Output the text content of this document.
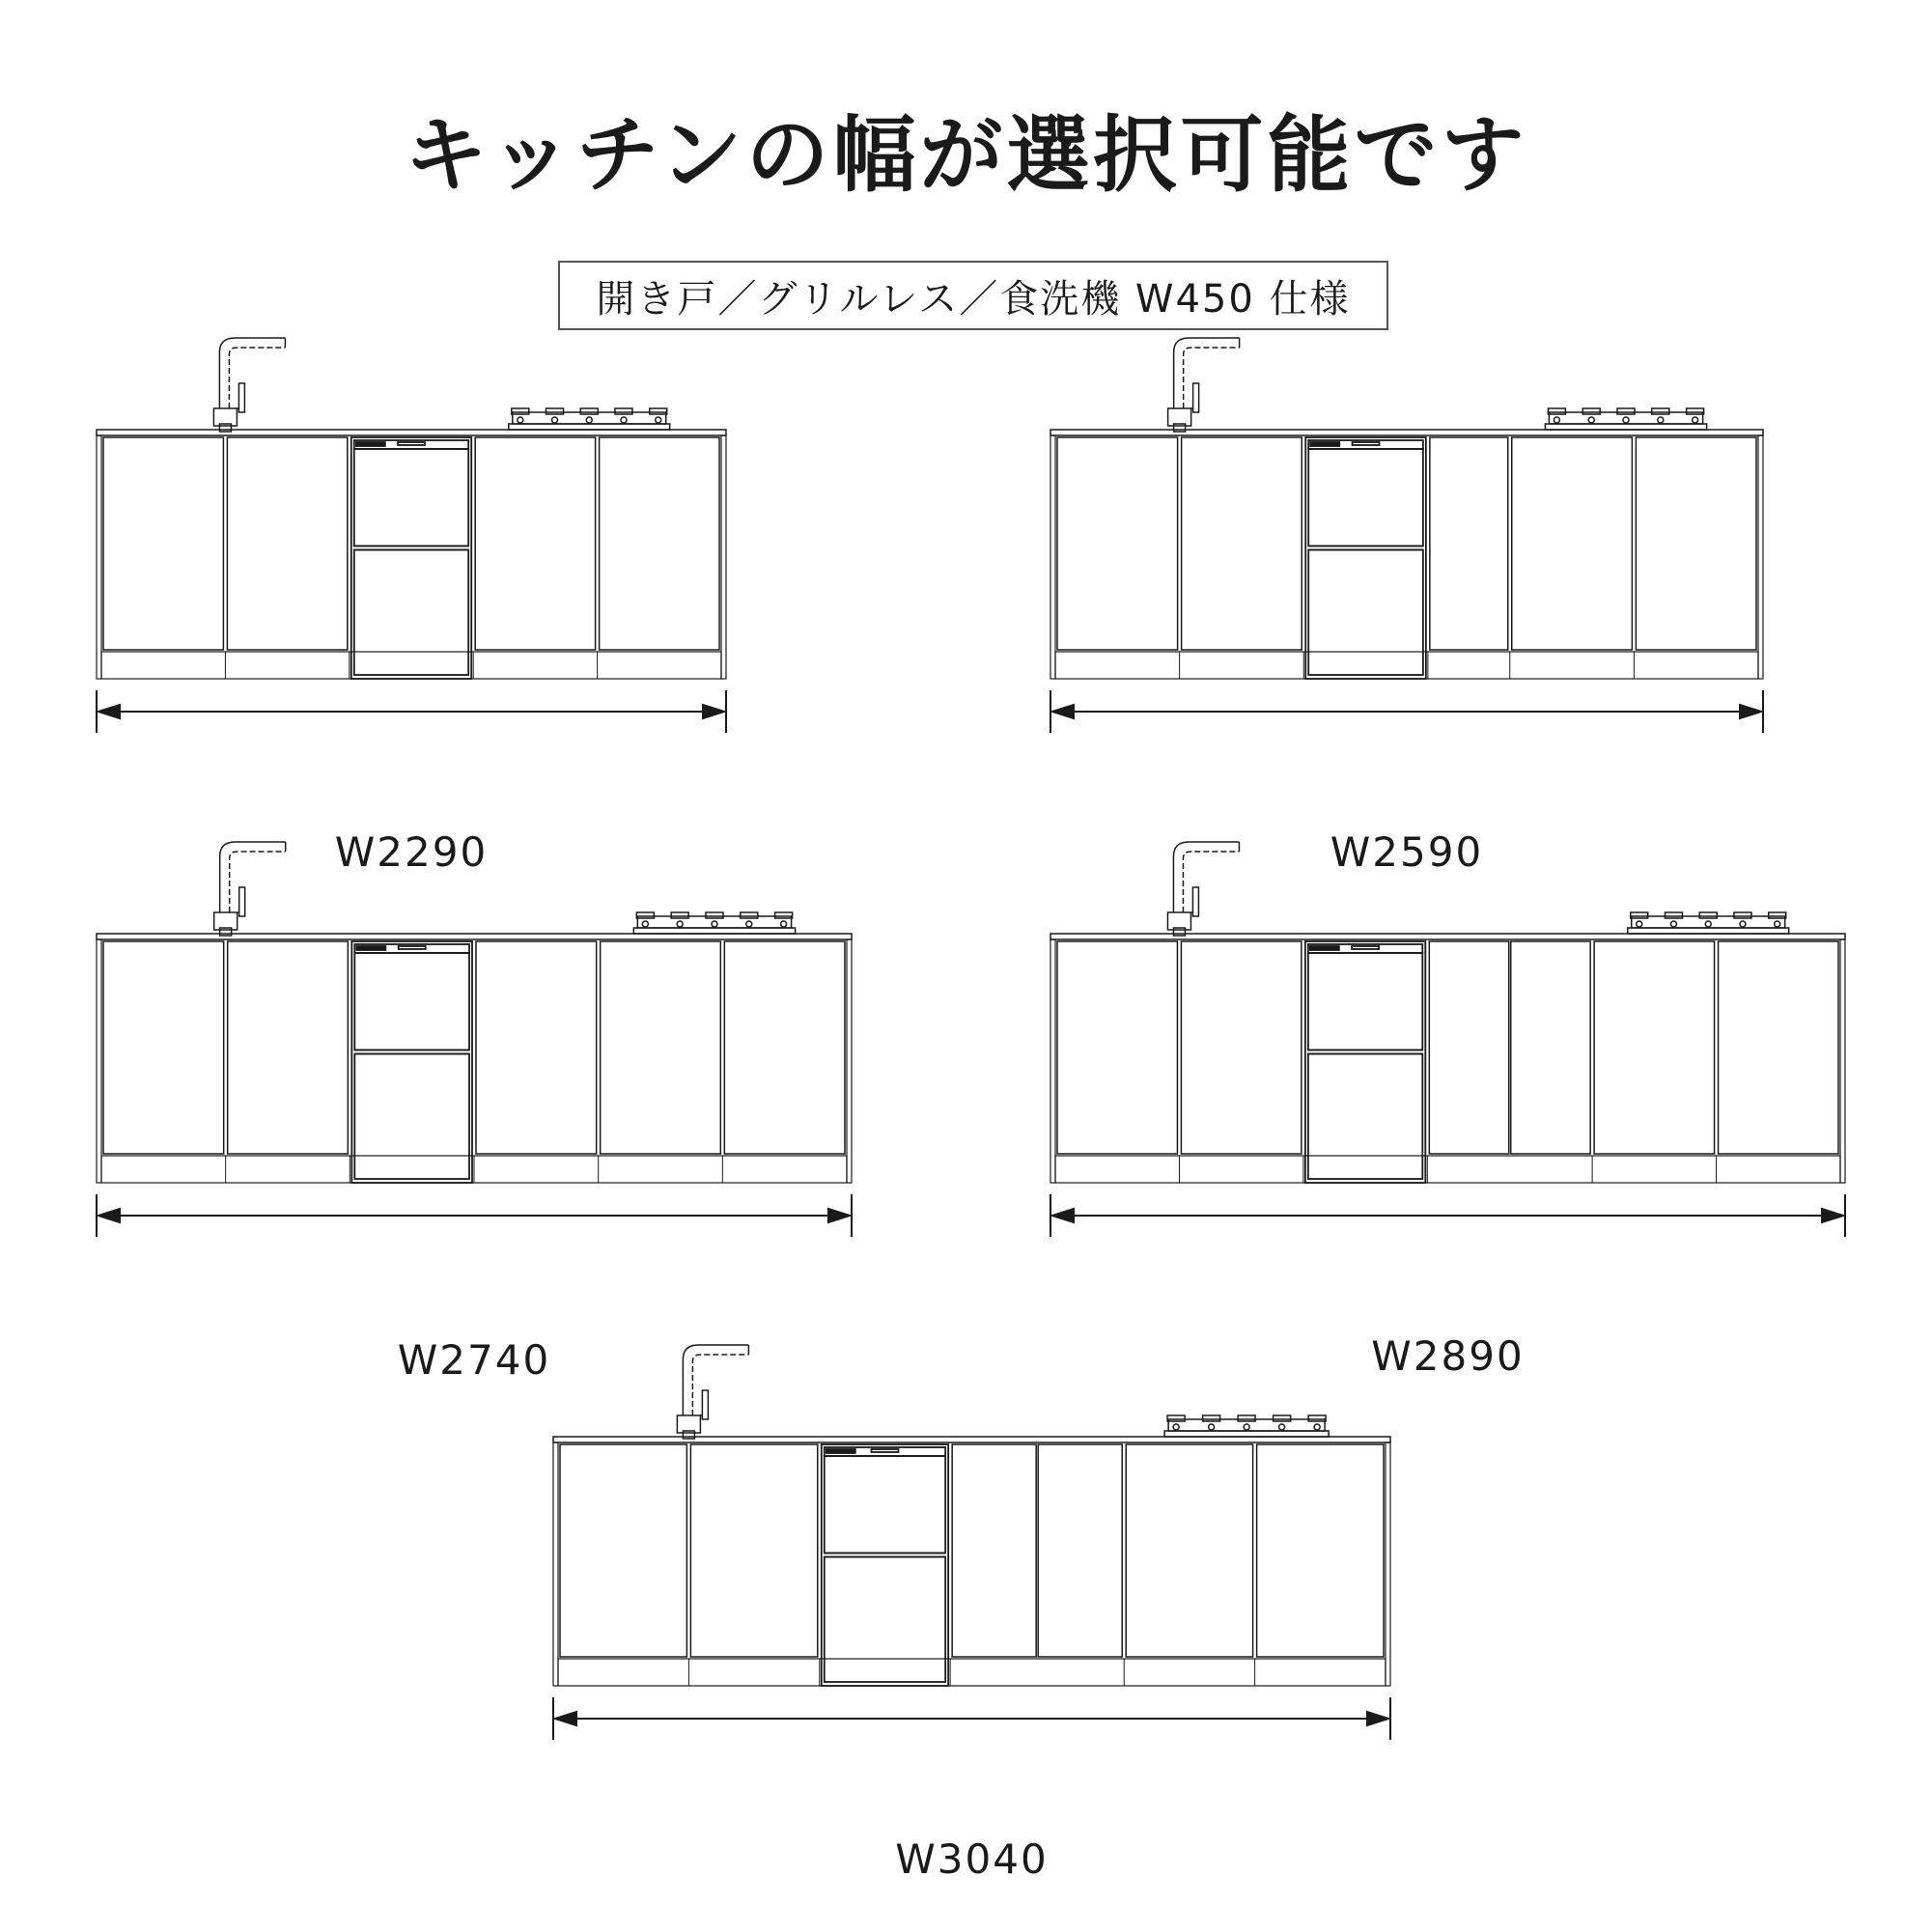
キッチンの幅が選択可能です
開き戸／グリルレス／食洗機 W450 仕様
W2290	W2590
W2740	W2890
W3040
